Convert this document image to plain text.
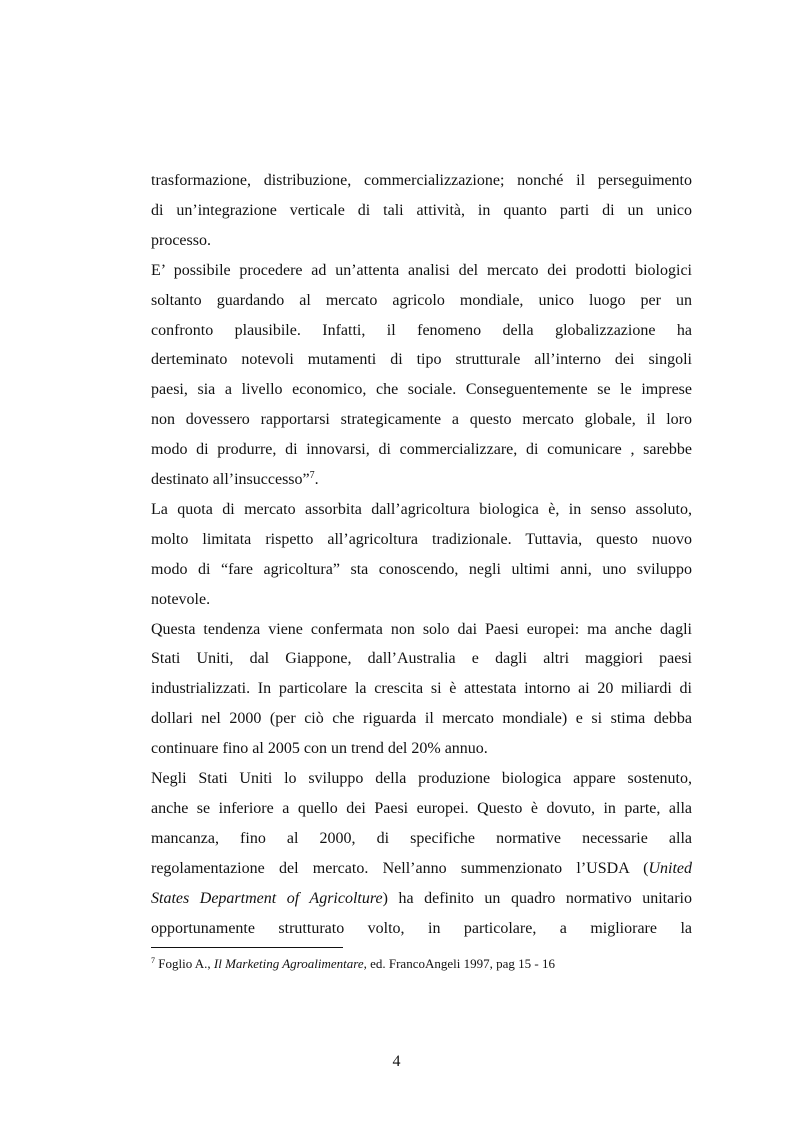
trasformazione, distribuzione, commercializzazione; nonché il perseguimento
di un’integrazione verticale di tali attività, in quanto parti di un unico
processo.
E’ possibile procedere ad un’attenta analisi del mercato dei prodotti biologici
soltanto guardando al mercato agricolo mondiale, unico luogo per un
confronto plausibile. Infatti, il fenomeno della globalizzazione ha
derteminato notevoli mutamenti di tipo strutturale all’interno dei singoli
paesi, sia a livello economico, che sociale. Conseguentemente se le imprese
non dovessero rapportarsi strategicamente a questo mercato globale, il loro
modo di produrre, di innovarsi, di commercializzare, di comunicare , sarebbe
destinato all’insuccesso”$^7$.
La quota di mercato assorbita dall’agricoltura biologica è, in senso assoluto,
molto limitata rispetto all’agricoltura tradizionale. Tuttavia, questo nuovo
modo di “fare agricoltura” sta conoscendo, negli ultimi anni, uno sviluppo
notevole.
Questa tendenza viene confermata non solo dai Paesi europei: ma anche dagli
Stati Uniti, dal Giappone, dall’Australia e dagli altri maggiori paesi
industrializzati. In particolare la crescita si è attestata intorno ai 20 miliardi di
dollari nel 2000 (per ciò che riguarda il mercato mondiale) e si stima debba
continuare fino al 2005 con un trend del 20% annuo.
Negli Stati Uniti lo sviluppo della produzione biologica appare sostenuto,
anche se inferiore a quello dei Paesi europei. Questo è dovuto, in parte, alla
mancanza, fino al 2000, di specifiche normative necessarie alla
regolamentazione del mercato. Nell’anno summenzionato l’USDA (United
States Department of Agricolture) ha definito un quadro normativo unitario
opportunamente strutturato volto, in particolare, a migliorare la
$^7$ Foglio A., Il Marketing Agroalimentare, ed. FrancoAngeli 1997, pag 15 - 16
4
